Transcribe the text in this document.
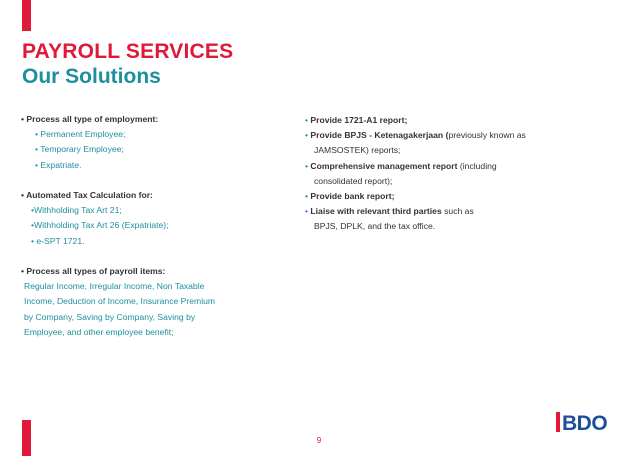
PAYROLL SERVICES
Our Solutions
• Process all type of employment:
• Permanent Employee;
• Temporary Employee;
• Expatriate.
• Automated Tax Calculation for:
•Withholding Tax Art 21;
•Withholding Tax Art 26 (Expatriate);
• e-SPT 1721.
• Process all types of payroll items:
Regular Income, Irregular Income, Non Taxable
Income, Deduction of Income, Insurance Premium
by Company, Saving by Company, Saving by
Employee, and other employee benefit;
• Provide 1721-A1 report;
• Provide BPJS - Ketenagakerjaan (previously known as
JAMSOSTEK) reports;
• Comprehensive management report (including
consolidated report);
• Provide bank report;
• Liaise with relevant third parties such as
BPJS, DPLK, and the tax office.
9
BDO
